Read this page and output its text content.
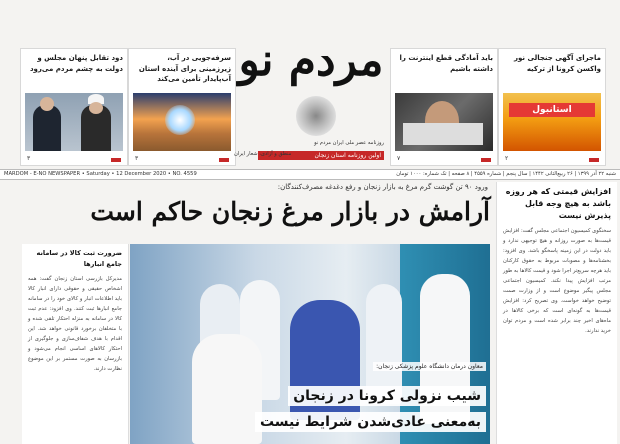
ماجرای آگهی جنجالی نور واکسن کرونا از ترکیه
استانبول
۲
باید آمادگی قطع اینترنت را داشته باشیم
۷
سرفه‌جویی در آب، زیرزمینی برای آینده استان آب‌پایدار تأمین می‌کند
۳
دود تقابل پنهان مجلس و دولت به چشم مردم می‌رود
۳
مردم نو
روزنامه عصر ملی ایران مردم نو
اولین روزنامه استان زنجان
منطق و آزادی، شعار ایران
MARDOM - E-NO NEWSPAPER • Saturday • 12 December 2020 • NO. 4559	شنبه ۲۲ آذر ۱۳۹۹ | ۲۶ ربیع‌الثانی ۱۴۴۲ | سال پنجم | شماره ۴۵۵۹ | ۸ صفحه | تک شماره: ۱۰۰۰ تومان
ورود ۹۰ تن گوشت گرم مرغ به بازار زنجان و رفع دغدغه مصرف‌کنندگان:
آرامش در بازار مرغ زنجان حاکم است
افزایش قیمتی که هر روزه باشد به هیچ وجه قابل پذیرش نیست
سخنگوی کمیسیون اجتماعی مجلس گفت: افزایش قیمت‌ها به صورت روزانه و هیچ توجیهی ندارد و باید دولت در این زمینه پاسخگو باشد. وی افزود: بخشنامه‌ها و مصوبات مربوط به حقوق کارکنان باید هرچه سریع‌تر اجرا شود و قیمت کالاها به طور مرتب افزایش پیدا نکند. کمیسیون اجتماعی مجلس پیگیر موضوع است و از وزارت صمت توضیح خواهد خواست. وی تصریح کرد: افزایش قیمت‌ها به گونه‌ای است که برخی کالاها در ماه‌های اخیر چند برابر شده است و مردم توان خرید ندارند.
ضرورت ثبت کالا در سامانه جامع انبارها
مدیرکل بازرسی استان زنجان گفت: همه اشخاص حقیقی و حقوقی دارای انبار کالا باید اطلاعات انبار و کالای خود را در سامانه جامع انبارها ثبت کنند. وی افزود: عدم ثبت کالا در سامانه به منزله احتکار تلقی شده و با متخلفان برخورد قانونی خواهد شد. این اقدام با هدف شفاف‌سازی و جلوگیری از احتکار کالاهای اساسی انجام می‌شود و بازرسان به صورت مستمر بر این موضوع نظارت دارند.	معاون درمان دانشگاه علوم پزشکی زنجان:
شیب نزولی کرونا در زنجان
به‌معنی عادی‌شدن شرایط نیست
